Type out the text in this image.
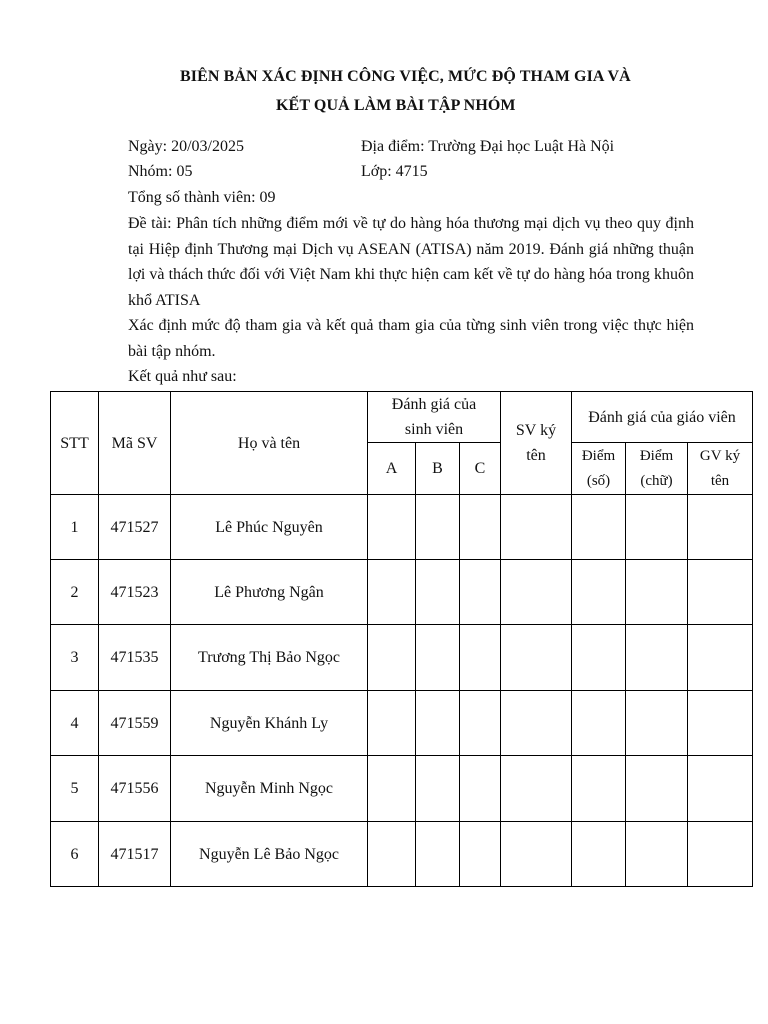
BIÊN BẢN XÁC ĐỊNH CÔNG VIỆC, MỨC ĐỘ THAM GIA VÀ
KẾT QUẢ LÀM BÀI TẬP NHÓM
Ngày: 20/03/2025	Địa điểm: Trường Đại học Luật Hà Nội
Nhóm: 05	Lớp: 4715
Tổng số thành viên: 09
Đề tài: Phân tích những điểm mới về tự do hàng hóa thương mại dịch vụ theo quy định tại Hiệp định Thương mại Dịch vụ ASEAN (ATISA) năm 2019. Đánh giá những thuận lợi và thách thức đối với Việt Nam khi thực hiện cam kết về tự do hàng hóa trong khuôn khổ ATISA
Xác định mức độ tham gia và kết quả tham gia của từng sinh viên trong việc thực hiện bài tập nhóm.
Kết quả như sau:
STT	Mã SV	Họ và tên	Đánh giá của sinh viên			SV ký tên	Đánh giá của giáo viên		
			A	B	C		Điểm (số)	Điểm (chữ)	GV ký tên
1	471527	Lê Phúc Nguyên							
2	471523	Lê Phương Ngân							
3	471535	Trương Thị Bảo Ngọc							
4	471559	Nguyễn Khánh Ly							
5	471556	Nguyễn Minh Ngọc							
6	471517	Nguyễn Lê Bảo Ngọc							
